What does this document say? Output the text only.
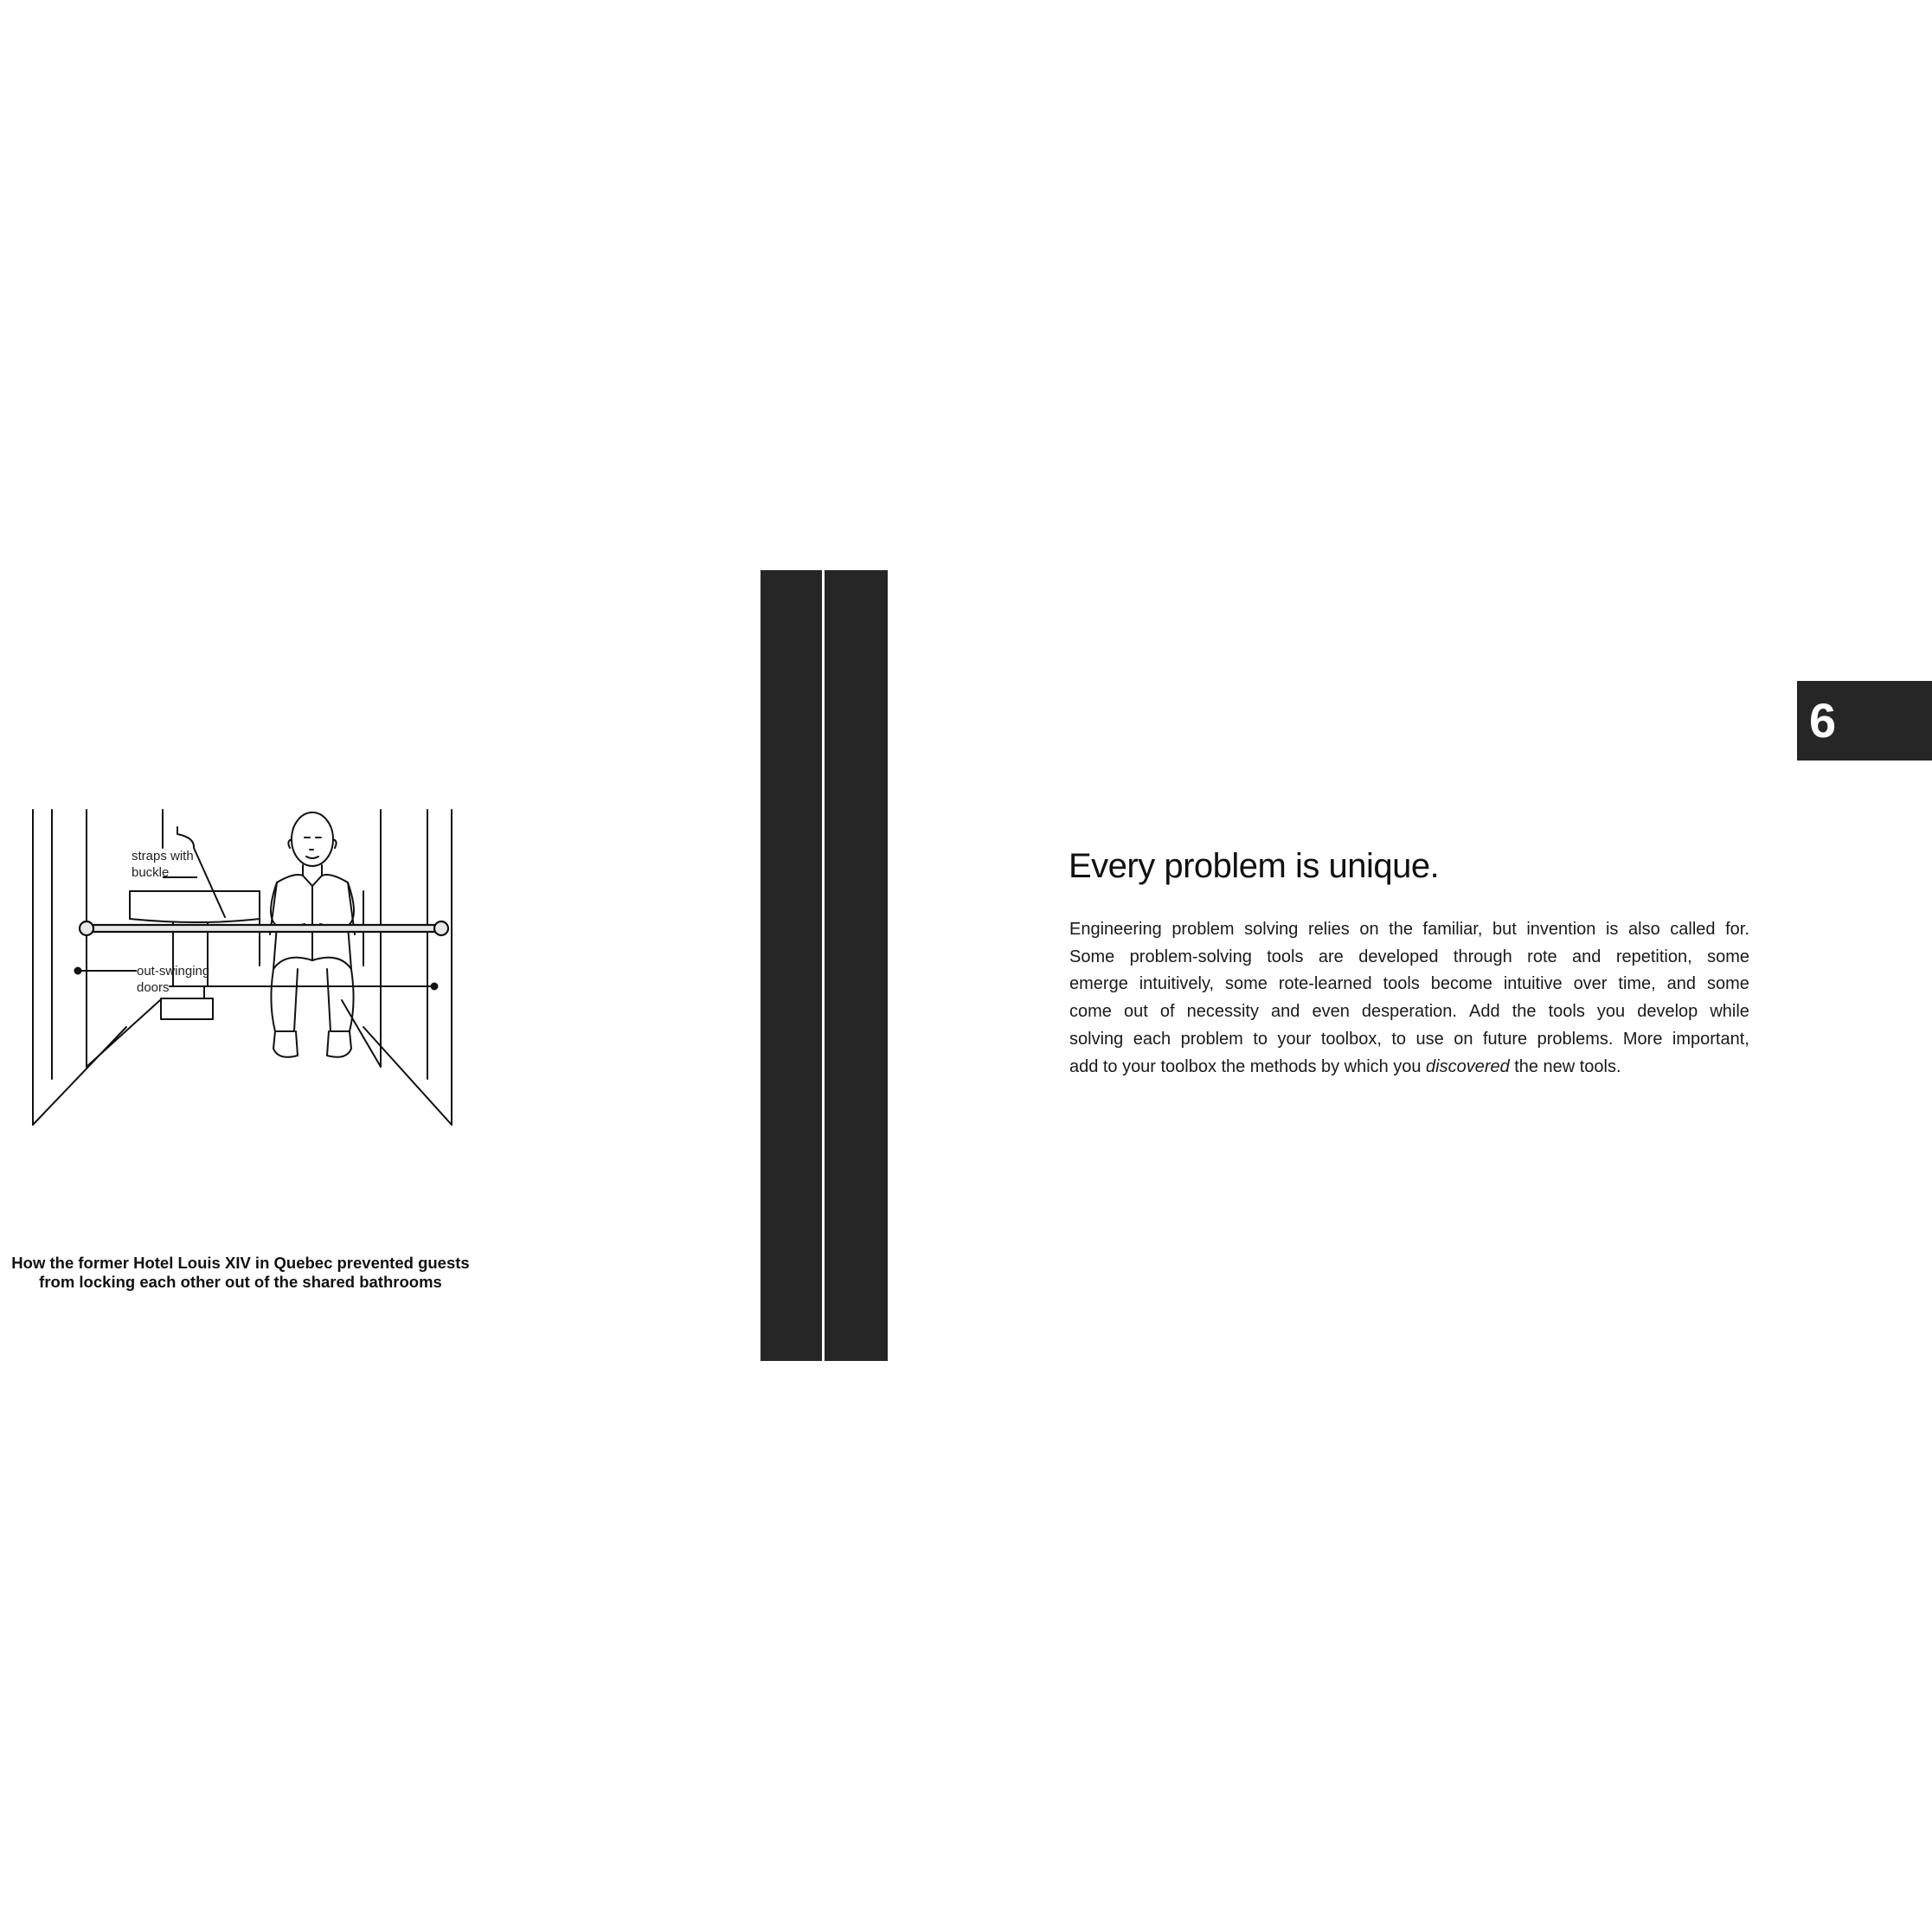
straps with
buckle
out-swinging
doors
How the former Hotel Louis XIV in Quebec prevented guests
from locking each other out of the shared bathrooms
6
Every problem is unique.
Engineering problem solving relies on the familiar, but invention is also called for.
Some problem-solving tools are developed through rote and repetition, some
emerge intuitively, some rote-learned tools become intuitive over time, and some
come out of necessity and even desperation. Add the tools you develop while
solving each problem to your toolbox, to use on future problems. More important,
add to your toolbox the methods by which you discovered the new tools.
